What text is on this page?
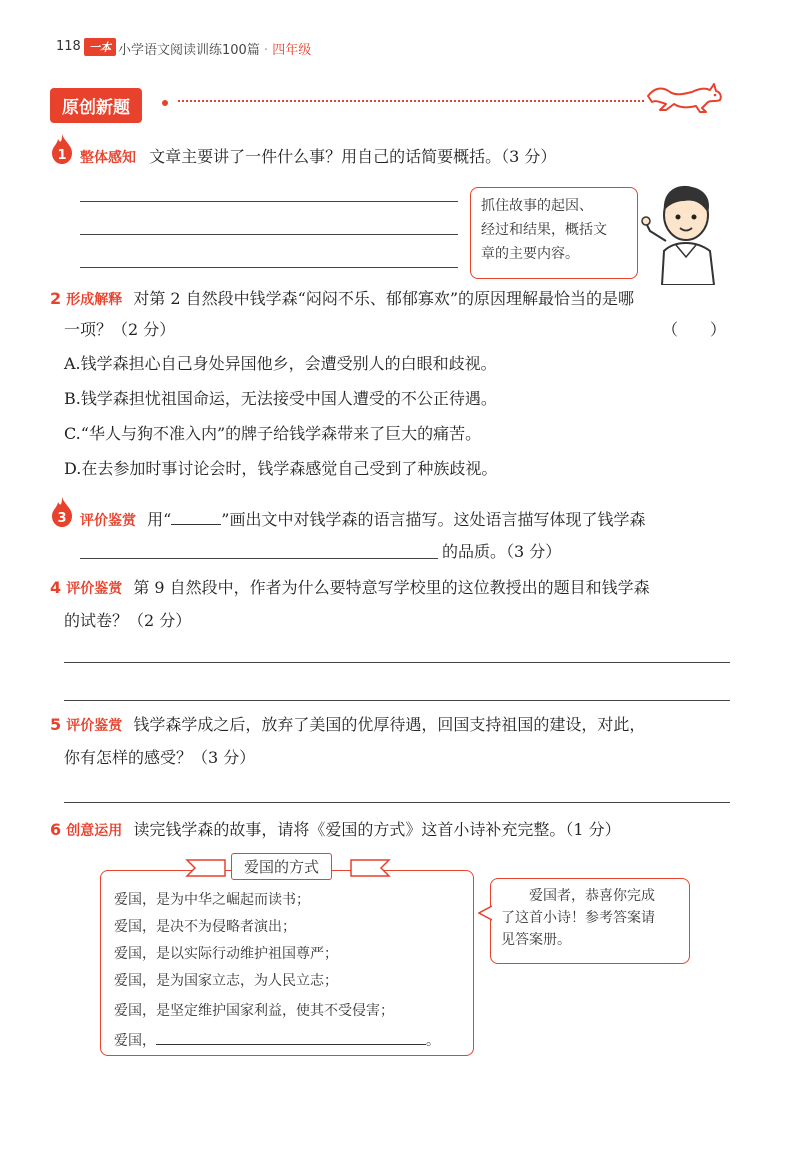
118 一本 小学语文阅读训练100篇 · 四年级
原创新题
1 整体感知 文章主要讲了一件什么事？用自己的话简要概括。（3 分）
抓住故事的起因、
经过和结果，概括文
章的主要内容。
2 形成解释 对第 2 自然段中钱学森“闷闷不乐、郁郁寡欢”的原因理解最恰当的是哪
一项？（2 分）	（　　）
A.钱学森担心自己身处异国他乡，会遭受别人的白眼和歧视。
B.钱学森担忧祖国命运，无法接受中国人遭受的不公正待遇。
C.“华人与狗不准入内”的牌子给钱学森带来了巨大的痛苦。
D.在去参加时事讨论会时，钱学森感觉自己受到了种族歧视。
3 评价鉴赏 用“	”画出文中对钱学森的语言描写。这处语言描写体现了钱学森
的品质。（3 分）
4 评价鉴赏 第 9 自然段中，作者为什么要特意写学校里的这位教授出的题目和钱学森
的试卷？（2 分）
5 评价鉴赏 钱学森学成之后，放弃了美国的优厚待遇，回国支持祖国的建设，对此，
你有怎样的感受？（3 分）
6 创意运用 读完钱学森的故事，请将《爱国的方式》这首小诗补充完整。（1 分）
爱国的方式
爱国，是为中华之崛起而读书；
爱国，是决不为侵略者演出；
爱国，是以实际行动维护祖国尊严；
爱国，是为国家立志，为人民立志；
爱国，是坚定维护国家利益，使其不受侵害；
爱国，	。
爱国者，恭喜你完成
了这首小诗！参考答案请
见答案册。
